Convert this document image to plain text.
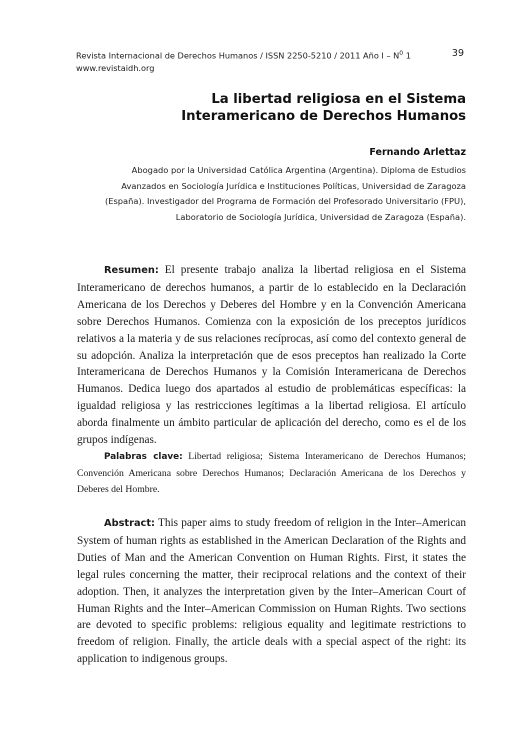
Revista Internacional de Derechos Humanos / ISSN 2250-5210 / 2011 Año I – $N^0$ 1
www.revistaidh.org
39
La libertad religiosa en el Sistema
Interamericano de Derechos Humanos
Fernando Arlettaz
Abogado por la Universidad Católica Argentina (Argentina). Diploma de Estudios Avanzados en Sociología Jurídica e Instituciones Políticas, Universidad de Zaragoza (España). Investigador del Programa de Formación del Profesorado Universitario (FPU), Laboratorio de Sociología Jurídica, Universidad de Zaragoza (España).
Resumen: El presente trabajo analiza la libertad religiosa en el Sistema Interamericano de derechos humanos, a partir de lo establecido en la Declaración Americana de los Derechos y Deberes del Hombre y en la Convención Americana sobre Derechos Humanos. Comienza con la exposición de los preceptos jurídicos relativos a la materia y de sus relaciones recíprocas, así como del contexto general de su adopción. Analiza la interpretación que de esos preceptos han realizado la Corte Interamericana de Derechos Humanos y la Comisión Interamericana de Derechos Humanos. Dedica luego dos apartados al estudio de problemáticas específicas: la igualdad religiosa y las restricciones legítimas a la libertad religiosa. El artículo aborda finalmente un ámbito particular de aplicación del derecho, como es el de los grupos indígenas.
Palabras clave: Libertad religiosa; Sistema Interamericano de Derechos Humanos; Convención Americana sobre Derechos Humanos; Declaración Americana de los Derechos y Deberes del Hombre.
Abstract: This paper aims to study freedom of religion in the Inter–American System of human rights as established in the American Declaration of the Rights and Duties of Man and the American Convention on Human Rights. First, it states the legal rules concerning the matter, their reciprocal relations and the context of their adoption. Then, it analyzes the interpretation given by the Inter–American Court of Human Rights and the Inter–American Commission on Human Rights. Two sections are devoted to specific problems: religious equality and legitimate restrictions to freedom of religion. Finally, the article deals with a special aspect of the right: its application to indigenous groups.
